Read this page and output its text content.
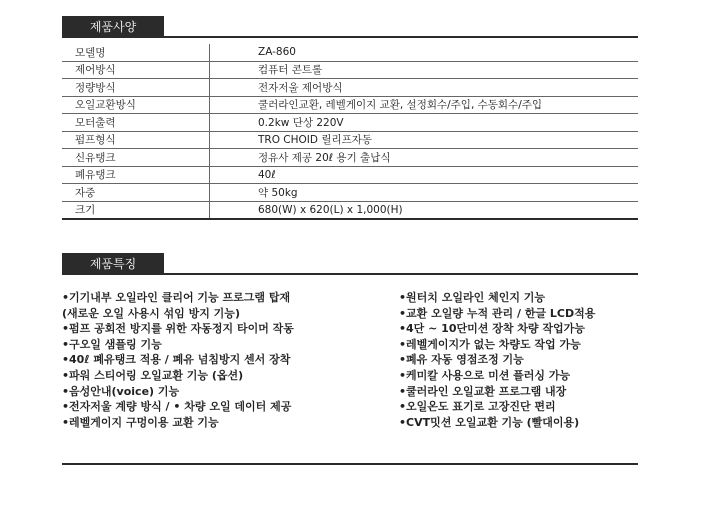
제품사양
모델명	ZA-860
제어방식	컴퓨터 콘트롤
정량방식	전자저울 제어방식
오일교환방식	쿨러라인교환, 레벨게이지 교환, 설정회수/주입, 수동회수/주입
모터출력	0.2kw 단상 220V
펌프형식	TRO CHOID 릴리프자동
신유탱크	정유사 제공 20ℓ 용기 출납식
폐유탱크	40ℓ
자중	약 50kg
크기	680(W) x 620(L) x 1,000(H)
제품특징
•기기내부 오일라인 클리어 기능 프로그램 탑재
(새로운 오일 사용시 섞임 방지 기능)
•펌프 공회전 방지를 위한 자동정지 타이머 작동
•구오일 샘플링 기능
•40ℓ 폐유탱크 적용 / 폐유 넘침방지 센서 장착
•파워 스티어링 오일교환 기능 (옵션)
•음성안내(voice) 기능
•전자저울 계량 방식 / • 차량 오일 데이터 제공
•레벨게이지 구멍이용 교환 기능
•원터치 오일라인 체인지 기능
•교환 오일량 누적 관리 / 한글 LCD적용
•4단 ~ 10단미션 장착 차량 작업가능
•레벨게이지가 없는 차량도 작업 가능
•폐유 자동 영점조정 기능
•케미칼 사용으로 미션 플러싱 가능
•쿨러라인 오일교환 프로그램 내장
•오일온도 표기로 고장진단 편리
•CVT밋션 오일교환 기능 (빨대이용)
